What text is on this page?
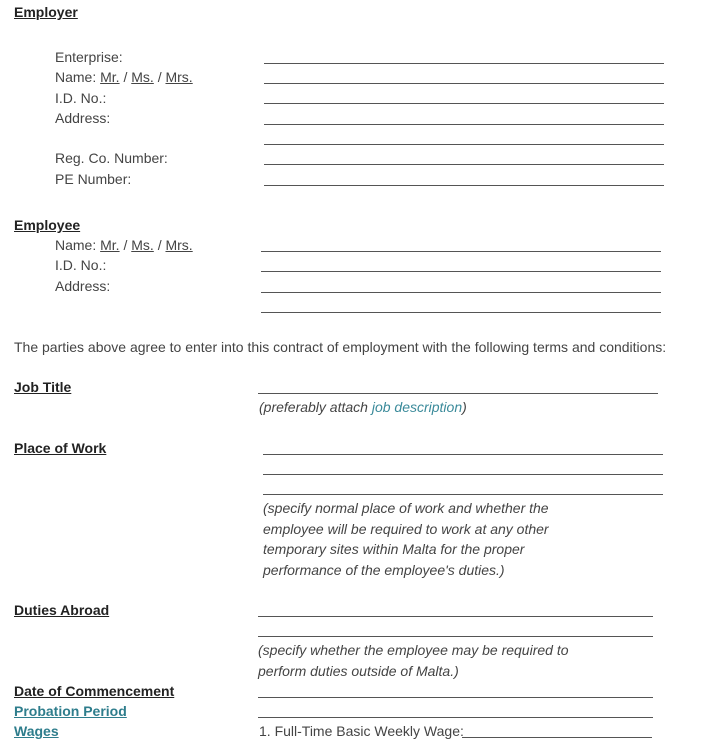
Employer
Enterprise:
Name: Mr. / Ms. / Mrs.
I.D. No.:
Address:
Reg. Co. Number:
PE Number:
Employee
Name: Mr. / Ms. / Mrs.
I.D. No.:
Address:
The parties above agree to enter into this contract of employment with the following terms and conditions:
Job Title
(preferably attach job description)
Place of Work
(specify normal place of work and whether the
employee will be required to work at any other
temporary sites within Malta for the proper
performance of the employee's duties.)
Duties Abroad
(specify whether the employee may be required to
perform duties outside of Malta.)
Date of Commencement
Probation Period
Wages	1. Full-Time Basic Weekly Wage:
